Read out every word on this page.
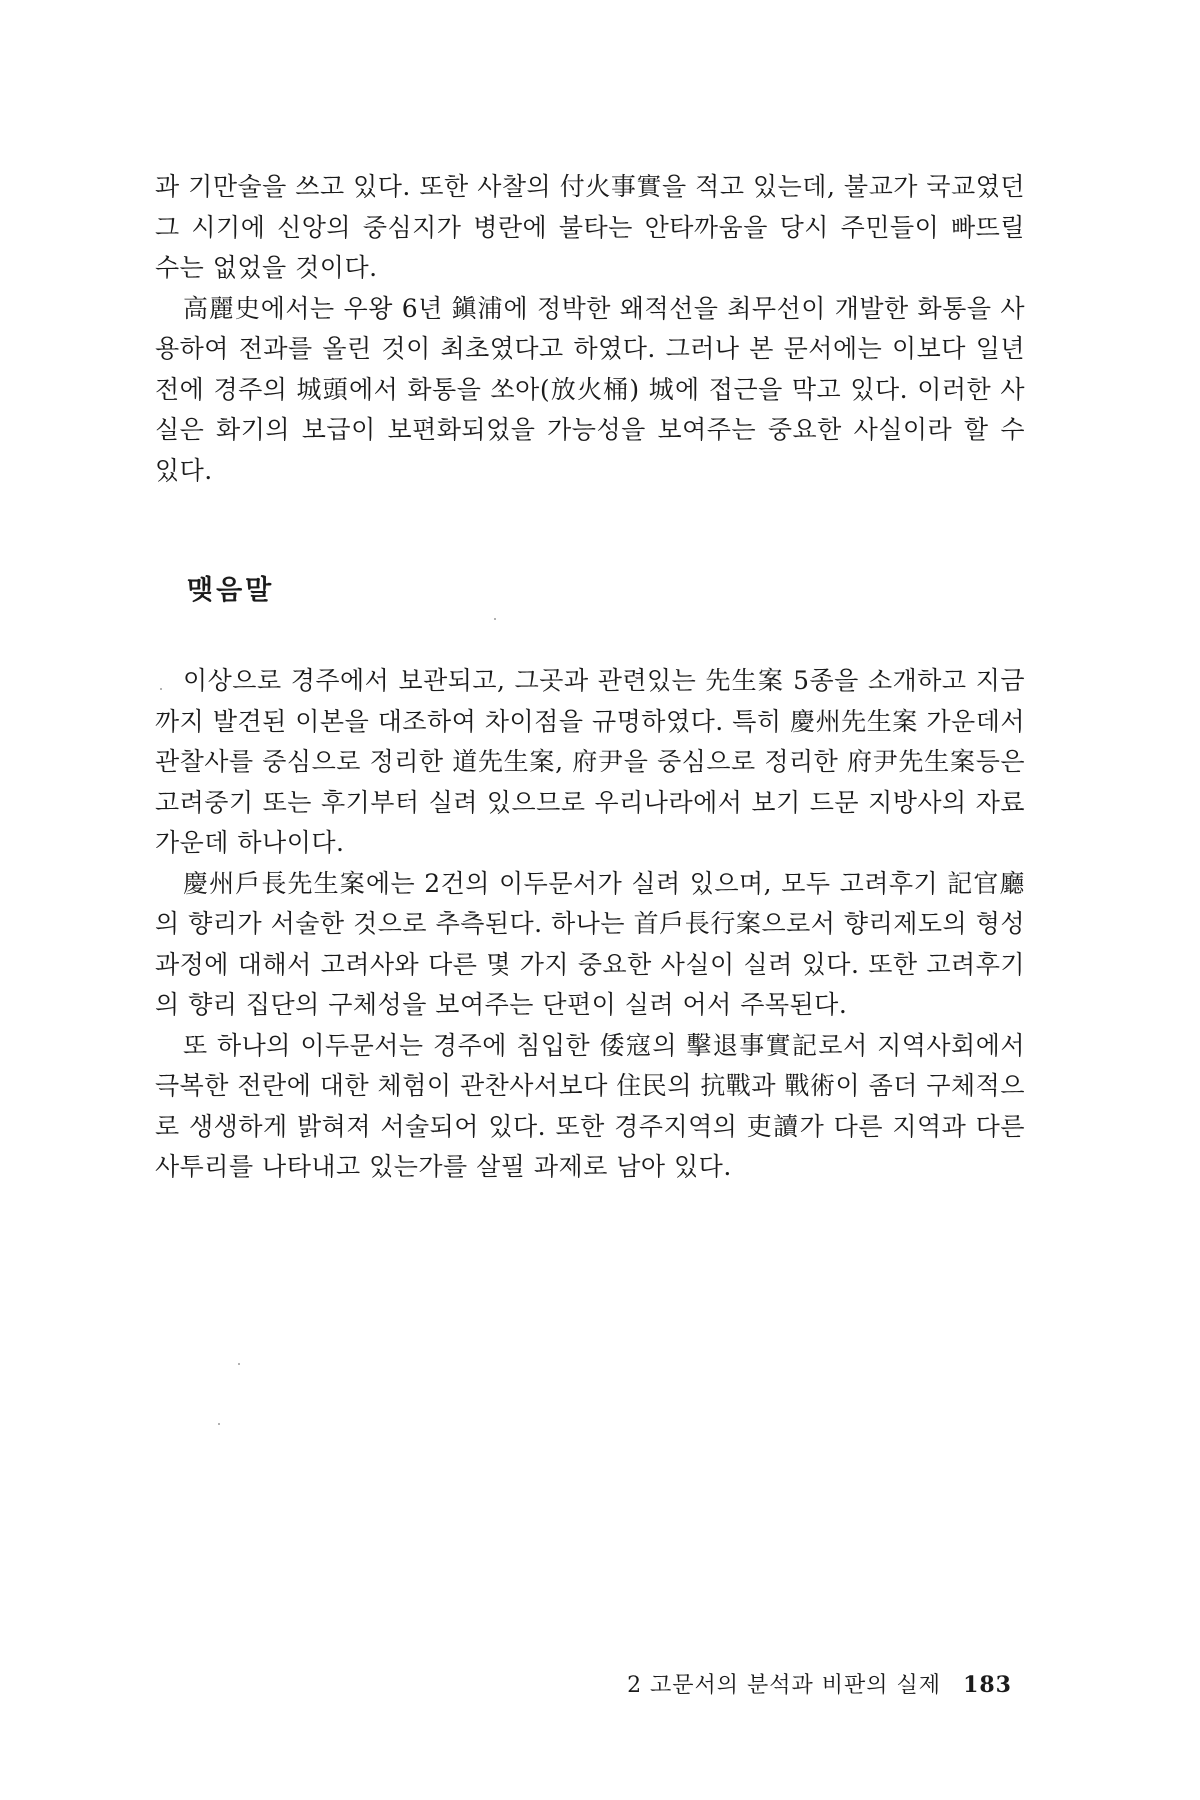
과 기만술을 쓰고 있다. 또한 사찰의 付火事實을 적고 있는데, 불교가 국교였던 그 시기에 신앙의 중심지가 병란에 불타는 안타까움을 당시 주민들이 빠뜨릴 수는 없었을 것이다.

高麗史에서는 우왕 6년 鎭浦에 정박한 왜적선을 최무선이 개발한 화통을 사용하여 전과를 올린 것이 최초였다고 하였다. 그러나 본 문서에는 이보다 일년전에 경주의 城頭에서 화통을 쏘아(放火桶) 城에 접근을 막고 있다. 이러한 사실은 화기의 보급이 보편화되었을 가능성을 보여주는 중요한 사실이라 할 수 있다.

맺음말

이상으로 경주에서 보관되고, 그곳과 관련있는 先生案 5종을 소개하고 지금까지 발견된 이본을 대조하여 차이점을 규명하였다. 특히 慶州先生案 가운데서 관찰사를 중심으로 정리한 道先生案, 府尹을 중심으로 정리한 府尹先生案등은 고려중기 또는 후기부터 실려 있으므로 우리나라에서 보기 드문 지방사의 자료 가운데 하나이다.

慶州戶長先生案에는 2건의 이두문서가 실려 있으며, 모두 고려후기 記官廳의 향리가 서술한 것으로 추측된다. 하나는 首戶長行案으로서 향리제도의 형성과정에 대해서 고려사와 다른 몇 가지 중요한 사실이 실려 있다. 또한 고려후기의 향리 집단의 구체성을 보여주는 단편이 실려 어서 주목된다.

또 하나의 이두문서는 경주에 침입한 倭寇의 擊退事實記로서 지역사회에서 극복한 전란에 대한 체험이 관찬사서보다 住民의 抗戰과 戰術이 좀더 구체적으로 생생하게 밝혀져 서술되어 있다. 또한 경주지역의 吏讀가 다른 지역과 다른 사투리를 나타내고 있는가를 살필 과제로 남아 있다.

2 고문서의 분석과 비판의 실제 183
